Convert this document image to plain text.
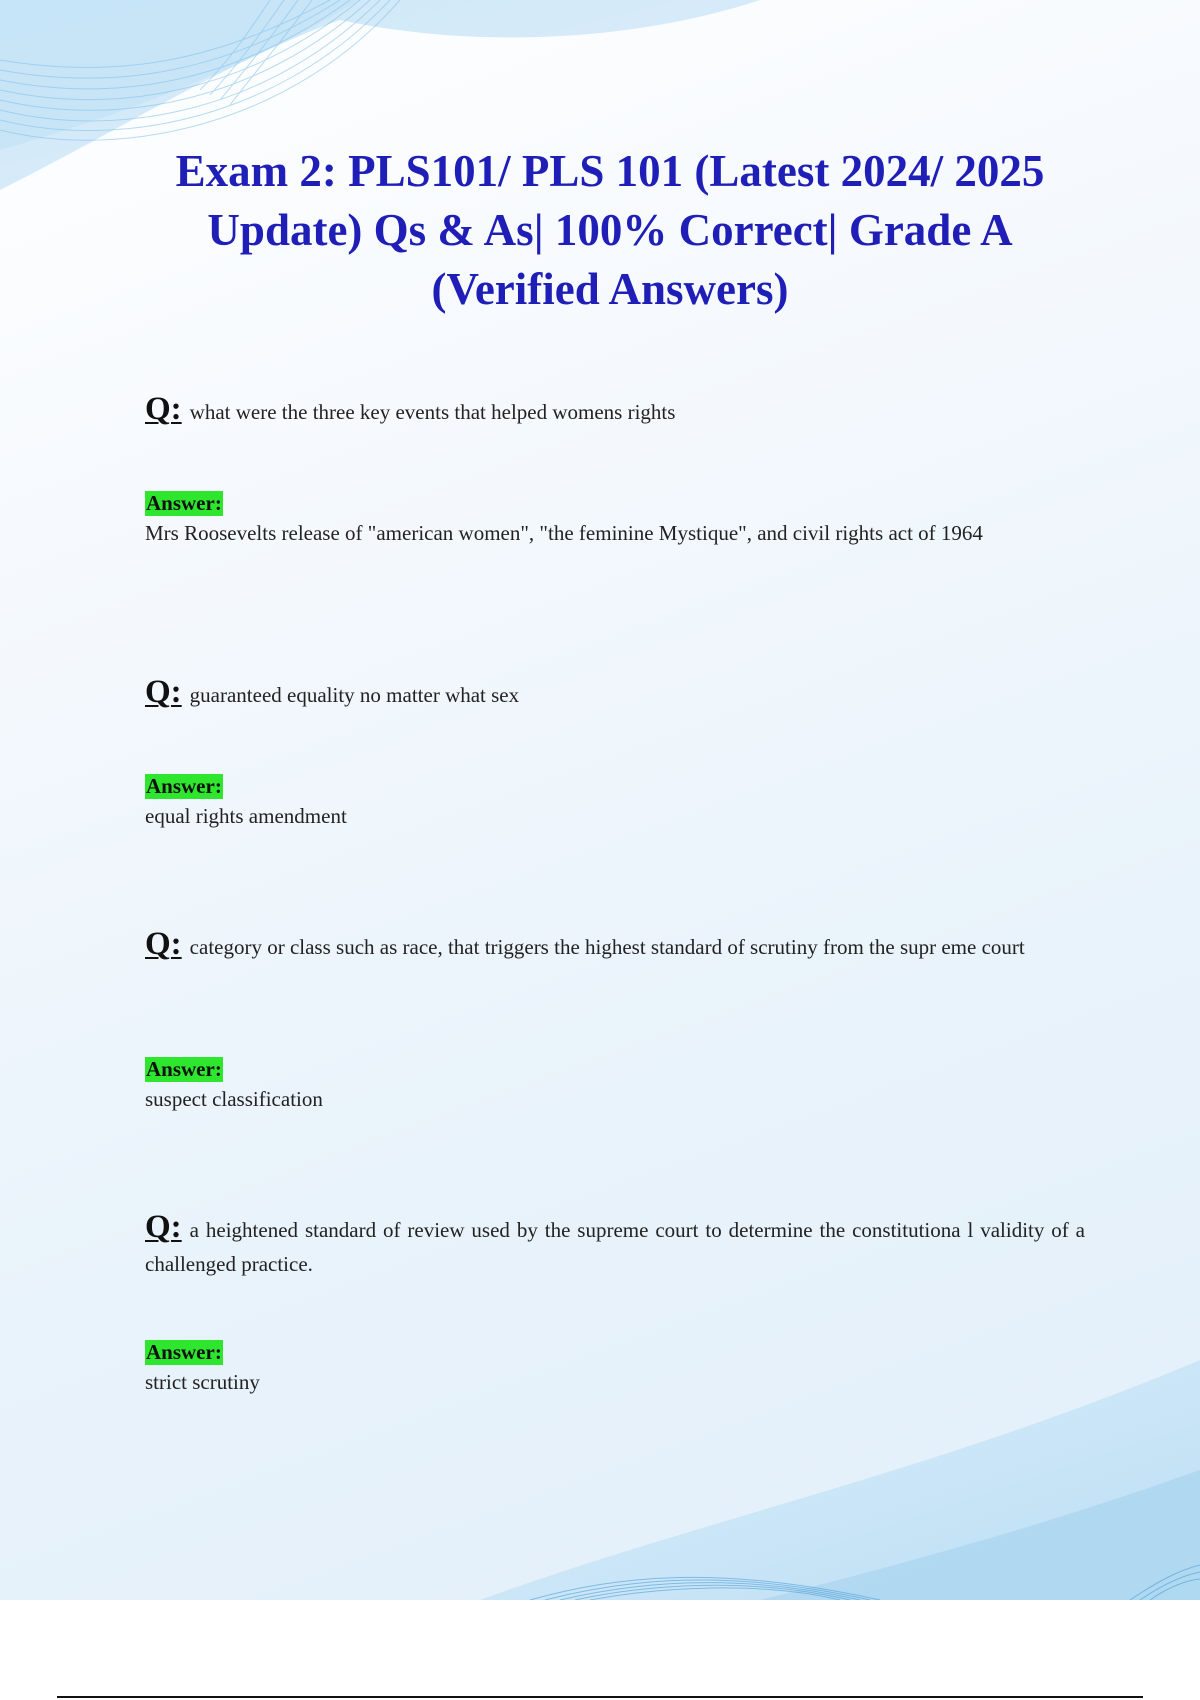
Exam 2: PLS101/ PLS 101 (Latest 2024/ 2025 Update) Qs & As| 100% Correct| Grade A (Verified Answers)

Q: what were the three key events that helped womens rights

Answer:

Mrs Roosevelts release of "american women", "the feminine Mystique", and civil rights act of 1964

Q: guaranteed equality no matter what sex

Answer:

equal rights amendment

Q: category or class such as race, that triggers the highest standard of scrutiny from the supr eme court

Answer:

suspect classification

Q: a heightened standard of review used by the supreme court to determine the constitutiona l validity of a challenged practice.

Answer:

strict scrutiny
